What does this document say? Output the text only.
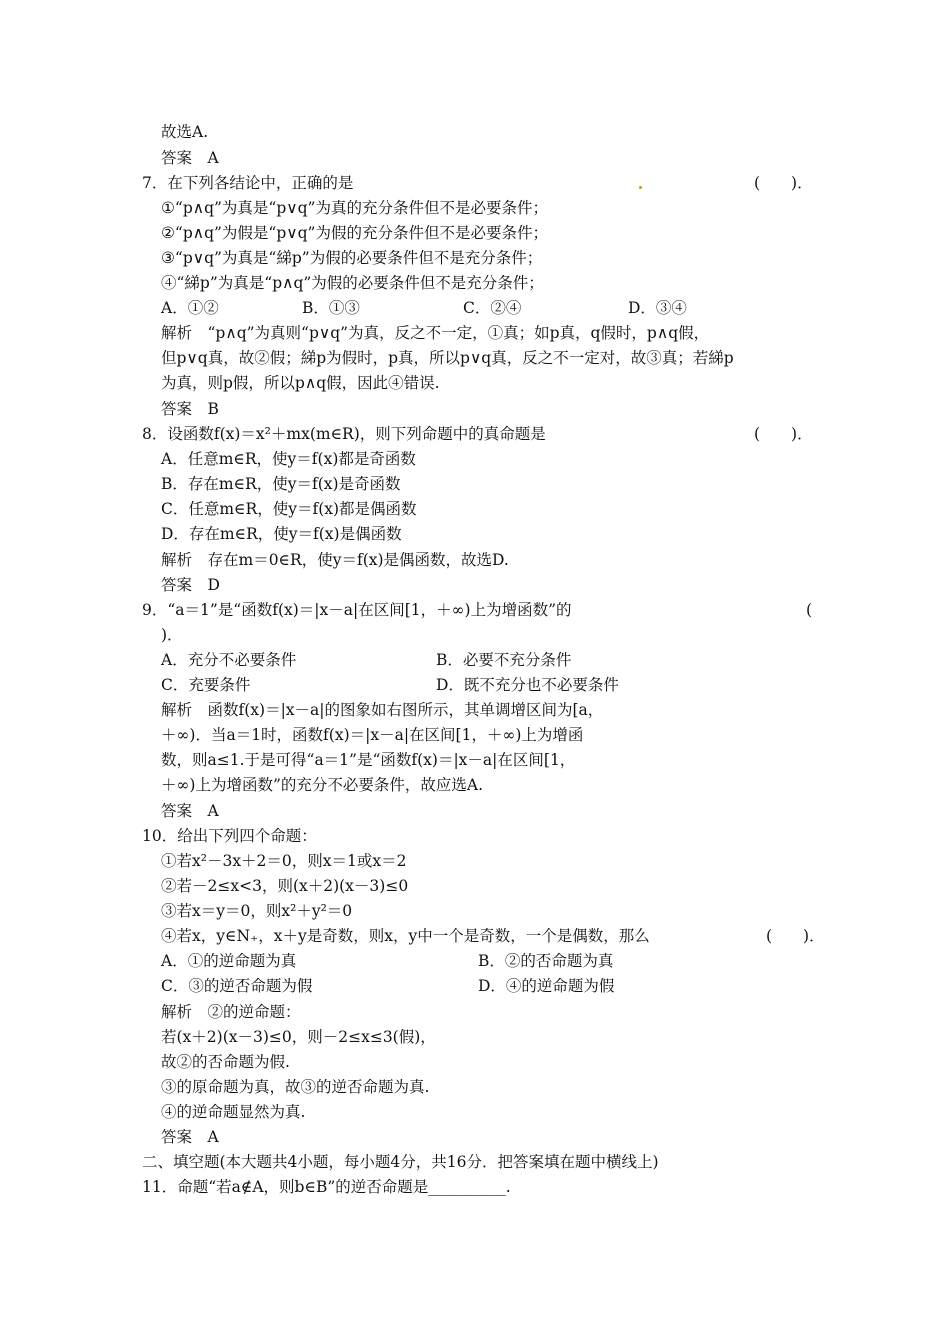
故选A.
答案　A
7．在下列各结论中，正确的是	(　　)．
①“p∧q”为真是“p∨q”为真的充分条件但不是必要条件；
②“p∧q”为假是“p∨q”为假的充分条件但不是必要条件；
③“p∨q”为真是“綈p”为假的必要条件但不是充分条件；
④“綈p”为真是“p∧q”为假的必要条件但不是充分条件；
A．①②	B．①③	C．②④	D．③④
解析　“p∧q”为真则“p∨q”为真，反之不一定，①真；如p真，q假时，p∧q假，
但p∨q真，故②假；綈p为假时，p真，所以p∨q真，反之不一定对，故③真；若綈p
为真，则p假，所以p∧q假，因此④错误.
答案　B
8．设函数f(x)＝x²＋mx(m∈R)，则下列命题中的真命题是	(　　)．
A．任意m∈R，使y＝f(x)都是奇函数
B．存在m∈R，使y＝f(x)是奇函数
C．任意m∈R，使y＝f(x)都是偶函数
D．存在m∈R，使y＝f(x)是偶函数
解析　存在m＝0∈R，使y＝f(x)是偶函数，故选D.
答案　D
9．“a＝1”是“函数f(x)＝|x－a|在区间[1，＋∞)上为增函数”的	(
)．
A．充分不必要条件	B．必要不充分条件
C．充要条件	D．既不充分也不必要条件
解析　函数f(x)＝|x－a|的图象如右图所示，其单调增区间为[a，
＋∞)．当a＝1时，函数f(x)＝|x－a|在区间[1，＋∞)上为增函
数，则a≤1.于是可得“a＝1”是“函数f(x)＝|x－a|在区间[1，
＋∞)上为增函数”的充分不必要条件，故应选A.
答案　A
10．给出下列四个命题：
①若x²－3x＋2＝0，则x＝1或x＝2
②若－2≤x<3，则(x＋2)(x－3)≤0
③若x＝y＝0，则x²＋y²＝0
④若x，y∈N₊，x＋y是奇数，则x，y中一个是奇数，一个是偶数，那么	(　　)．
A．①的逆命题为真	B．②的否命题为真
C．③的逆否命题为假	D．④的逆命题为假
解析　②的逆命题：
若(x＋2)(x－3)≤0，则－2≤x≤3(假)，
故②的否命题为假.
③的原命题为真，故③的逆否命题为真.
④的逆命题显然为真.
答案　A
二、填空题(本大题共4小题，每小题4分，共16分．把答案填在题中横线上)
11．命题“若a∉A，则b∈B”的逆否命题是__________.
